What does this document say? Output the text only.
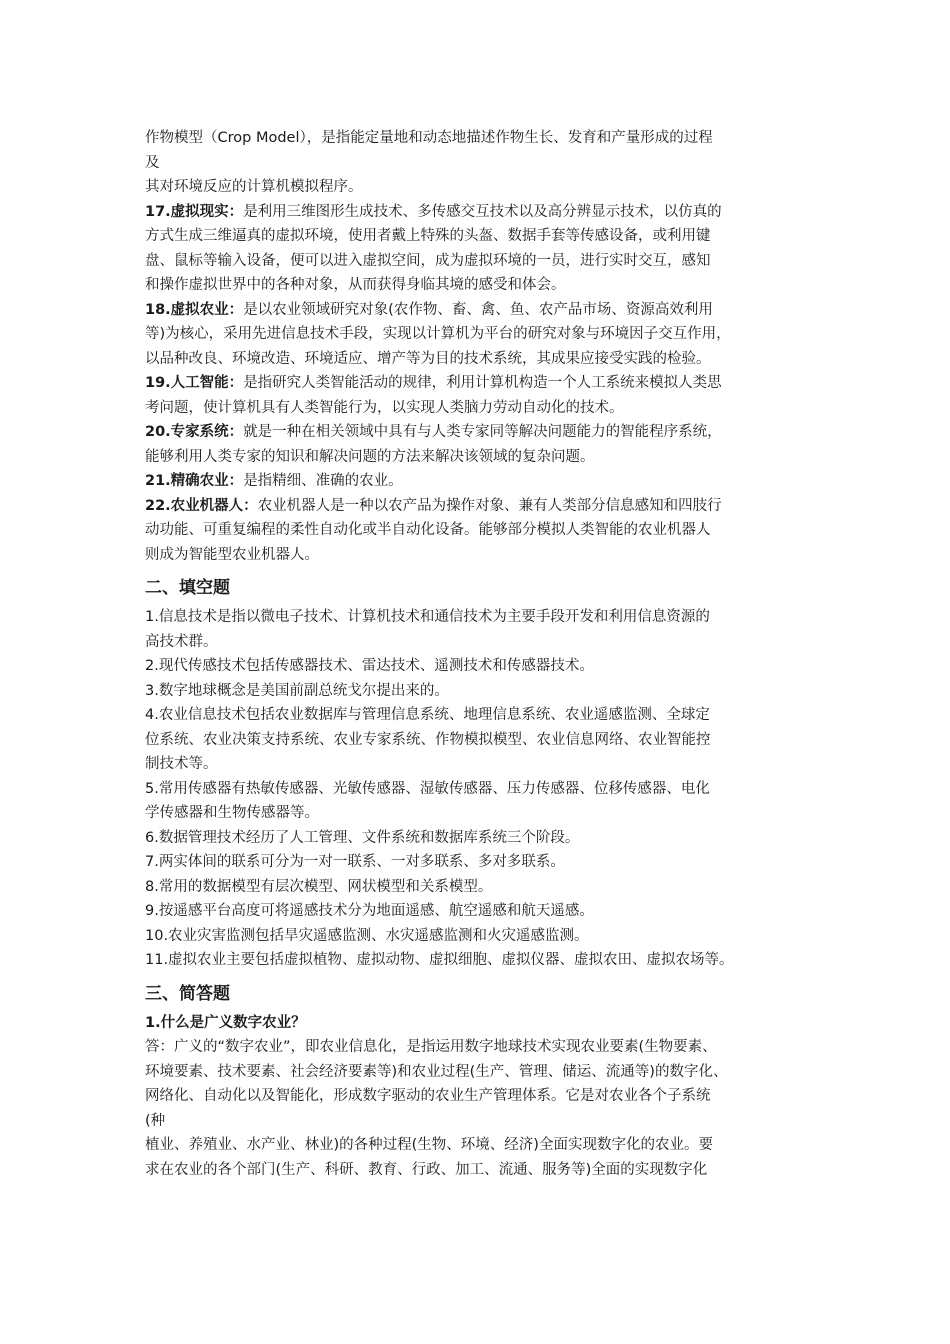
作物模型（Crop Model），是指能定量地和动态地描述作物生长、发育和产量形成的过程
及
其对环境反应的计算机模拟程序。
17.虚拟现实：是利用三维图形生成技术、多传感交互技术以及高分辨显示技术，以仿真的
方式生成三维逼真的虚拟环境，使用者戴上特殊的头盔、数据手套等传感设备，或利用键
盘、鼠标等输入设备，便可以进入虚拟空间，成为虚拟环境的一员，进行实时交互，感知
和操作虚拟世界中的各种对象，从而获得身临其境的感受和体会。
18.虚拟农业：是以农业领域研究对象(农作物、畜、禽、鱼、农产品市场、资源高效利用
等)为核心，采用先进信息技术手段，实现以计算机为平台的研究对象与环境因子交互作用，
以品种改良、环境改造、环境适应、增产等为目的技术系统，其成果应接受实践的检验。
19.人工智能：是指研究人类智能活动的规律，利用计算机构造一个人工系统来模拟人类思
考问题，使计算机具有人类智能行为，以实现人类脑力劳动自动化的技术。
20.专家系统：就是一种在相关领域中具有与人类专家同等解决问题能力的智能程序系统，
能够利用人类专家的知识和解决问题的方法来解决该领域的复杂问题。
21.精确农业：是指精细、准确的农业。
22.农业机器人：农业机器人是一种以农产品为操作对象、兼有人类部分信息感知和四肢行
动功能、可重复编程的柔性自动化或半自动化设备。能够部分模拟人类智能的农业机器人
则成为智能型农业机器人。
二、填空题
1.信息技术是指以微电子技术、计算机技术和通信技术为主要手段开发和利用信息资源的
高技术群。
2.现代传感技术包括传感器技术、雷达技术、遥测技术和传感器技术。
3.数字地球概念是美国前副总统戈尔提出来的。
4.农业信息技术包括农业数据库与管理信息系统、地理信息系统、农业遥感监测、全球定
位系统、农业决策支持系统、农业专家系统、作物模拟模型、农业信息网络、农业智能控
制技术等。
5.常用传感器有热敏传感器、光敏传感器、湿敏传感器、压力传感器、位移传感器、电化
学传感器和生物传感器等。
6.数据管理技术经历了人工管理、文件系统和数据库系统三个阶段。
7.两实体间的联系可分为一对一联系、一对多联系、多对多联系。
8.常用的数据模型有层次模型、网状模型和关系模型。
9.按遥感平台高度可将遥感技术分为地面遥感、航空遥感和航天遥感。
10.农业灾害监测包括旱灾遥感监测、水灾遥感监测和火灾遥感监测。
11.虚拟农业主要包括虚拟植物、虚拟动物、虚拟细胞、虚拟仪器、虚拟农田、虚拟农场等。
三、简答题
1.什么是广义数字农业？
答：广义的“数字农业”，即农业信息化，是指运用数字地球技术实现农业要素(生物要素、
环境要素、技术要素、社会经济要素等)和农业过程(生产、管理、储运、流通等)的数字化、
网络化、自动化以及智能化，形成数字驱动的农业生产管理体系。它是对农业各个子系统
(种
植业、养殖业、水产业、林业)的各种过程(生物、环境、经济)全面实现数字化的农业。要
求在农业的各个部门(生产、科研、教育、行政、加工、流通、服务等)全面的实现数字化
